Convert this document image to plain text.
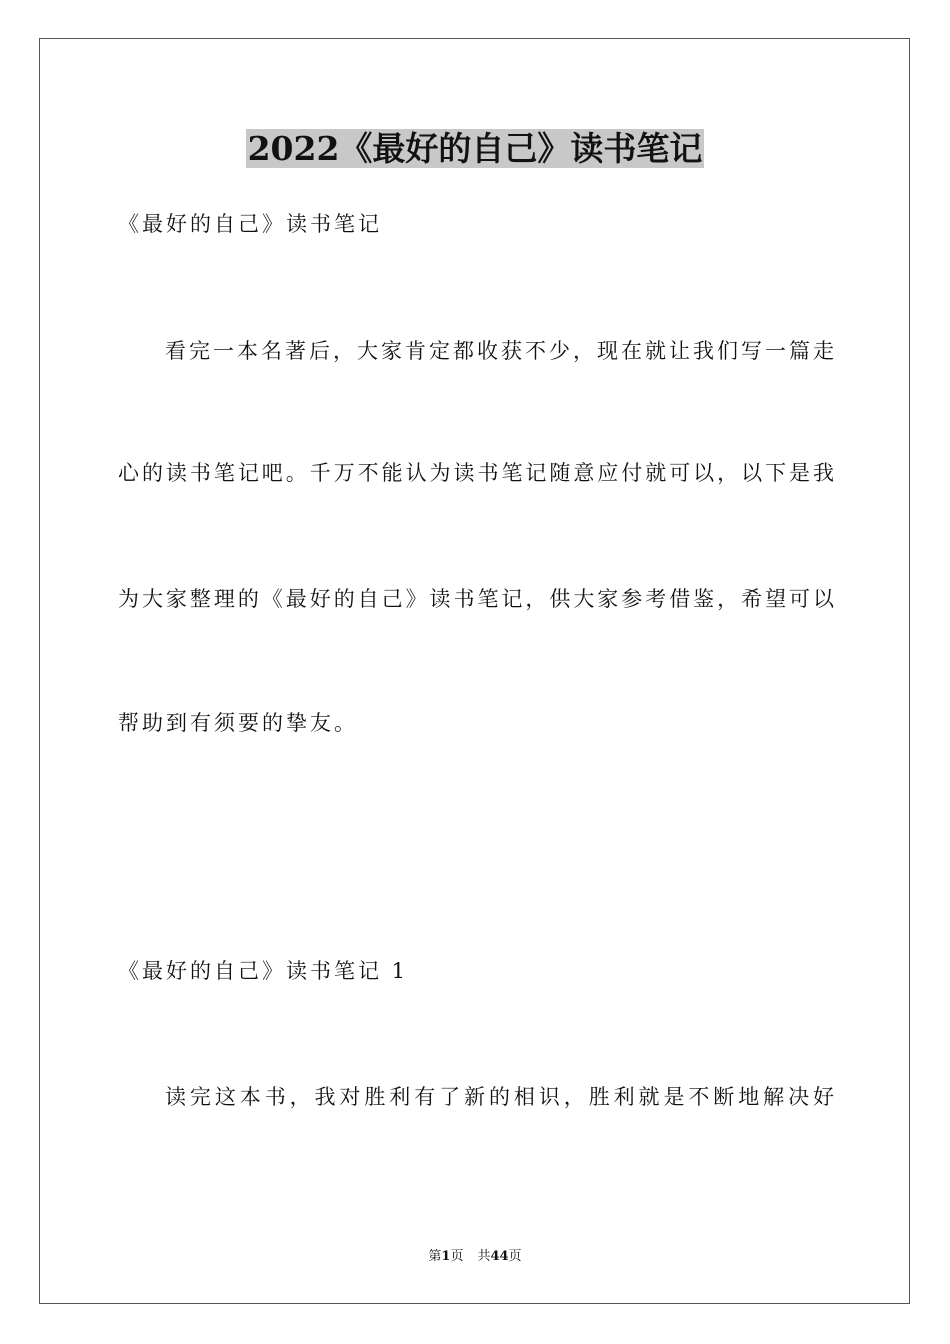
2022《最好的自己》读书笔记
《最好的自己》读书笔记
看完一本名著后，大家肯定都收获不少，现在就让我们写一篇走
心的读书笔记吧。千万不能认为读书笔记随意应付就可以，以下是我
为大家整理的《最好的自己》读书笔记，供大家参考借鉴，希望可以
帮助到有须要的挚友。
《最好的自己》读书笔记 1
读完这本书，我对胜利有了新的相识，胜利就是不断地解决好
第1页 共44页
